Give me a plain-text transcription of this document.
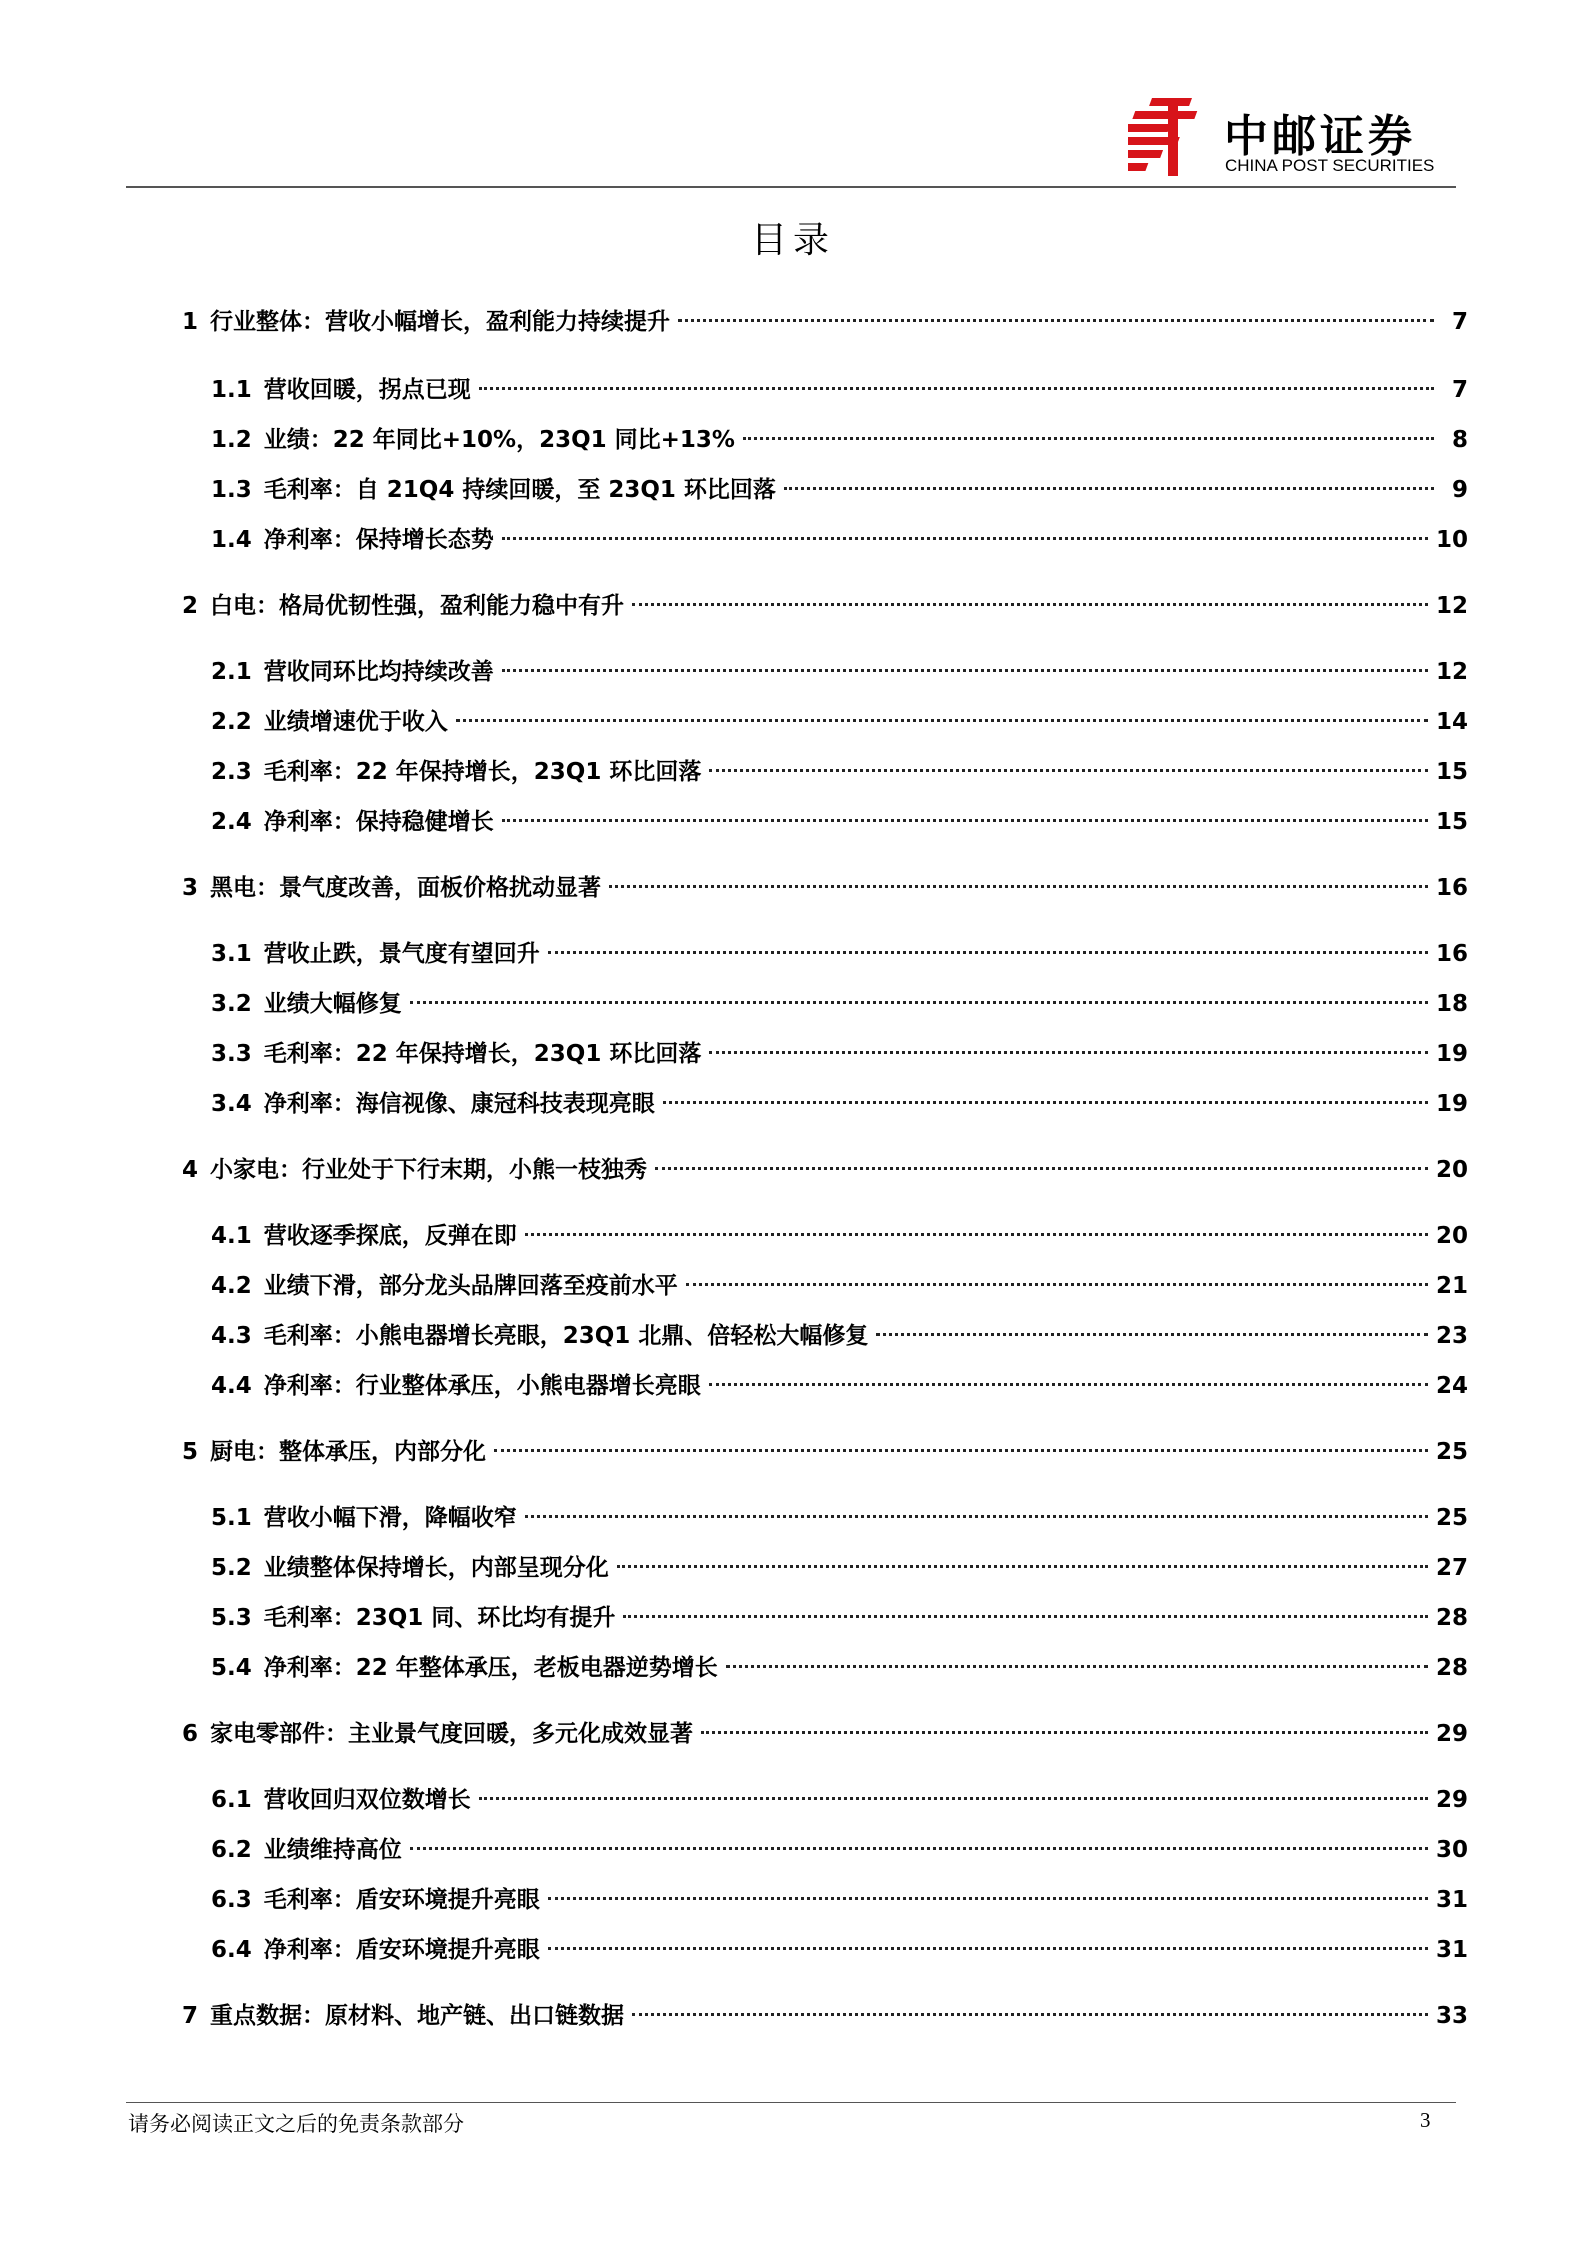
中邮证券
CHINA POST SECURITIES
目录
1 行业整体：营收小幅增长，盈利能力持续提升	7
1.1 营收回暖，拐点已现	7
1.2 业绩：22 年同比+10%，23Q1 同比+13%	8
1.3 毛利率：自 21Q4 持续回暖，至 23Q1 环比回落	9
1.4 净利率：保持增长态势	10
2 白电：格局优韧性强，盈利能力稳中有升	12
2.1 营收同环比均持续改善	12
2.2 业绩增速优于收入	14
2.3 毛利率：22 年保持增长，23Q1 环比回落	15
2.4 净利率：保持稳健增长	15
3 黑电：景气度改善，面板价格扰动显著	16
3.1 营收止跌，景气度有望回升	16
3.2 业绩大幅修复	18
3.3 毛利率：22 年保持增长，23Q1 环比回落	19
3.4 净利率：海信视像、康冠科技表现亮眼	19
4 小家电：行业处于下行末期，小熊一枝独秀	20
4.1 营收逐季探底，反弹在即	20
4.2 业绩下滑，部分龙头品牌回落至疫前水平	21
4.3 毛利率：小熊电器增长亮眼，23Q1 北鼎、倍轻松大幅修复	23
4.4 净利率：行业整体承压，小熊电器增长亮眼	24
5 厨电：整体承压，内部分化	25
5.1 营收小幅下滑，降幅收窄	25
5.2 业绩整体保持增长，内部呈现分化	27
5.3 毛利率：23Q1 同、环比均有提升	28
5.4 净利率：22 年整体承压，老板电器逆势增长	28
6 家电零部件：主业景气度回暖，多元化成效显著	29
6.1 营收回归双位数增长	29
6.2 业绩维持高位	30
6.3 毛利率：盾安环境提升亮眼	31
6.4 净利率：盾安环境提升亮眼	31
7 重点数据：原材料、地产链、出口链数据	33
请务必阅读正文之后的免责条款部分	3
